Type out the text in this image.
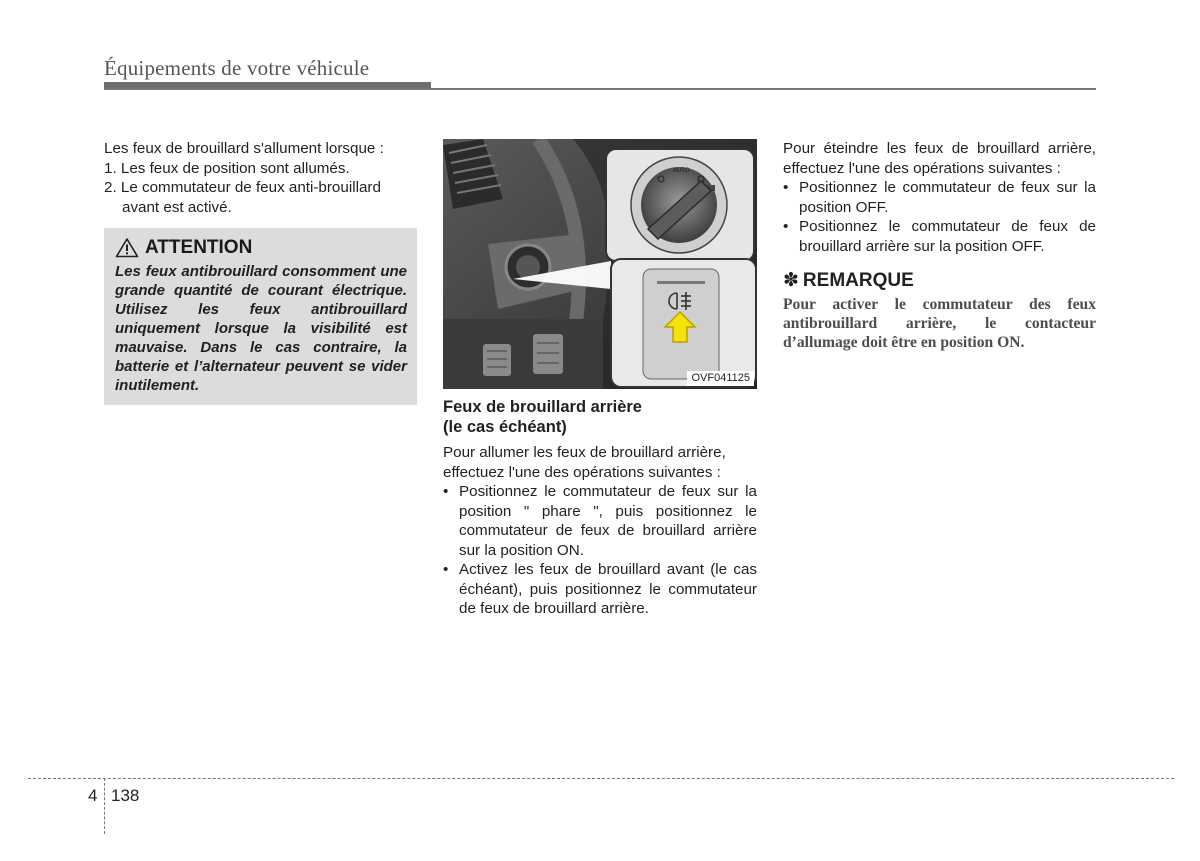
Équipements de votre véhicule

Les feux de brouillard s'allument lorsque :

1. Les feux de position sont allumés.
2. Le commutateur de feux anti-brouillard avant est activé.
ATTENTION

Les feux antibrouillard consomment une grande quantité de courant électrique. Utilisez les feux antibrouillard uniquement lorsque la visibilité est mauvaise. Dans le cas contraire, la batterie et l’alternateur peuvent se vider inutilement.

AUTO
OVF041125
Feux de brouillard arrière
(le cas échéant)

Pour allumer les feux de brouillard arrière, effectuez l'une des opérations suivantes :

• Positionnez le commutateur de feux sur la position " phare ", puis positionnez le commutateur de feux de brouillard arrière sur la position ON.
• Activez les feux de brouillard avant (le cas échéant), puis positionnez le commutateur de feux de brouillard arrière.

Pour éteindre les feux de brouillard arrière, effectuez l'une des opérations suivantes :

• Positionnez le commutateur de feux sur la position OFF.
• Positionnez le commutateur de feux de brouillard arrière sur la position OFF.
✽ REMARQUE

Pour activer le commutateur des feux antibrouillard arrière, le contacteur d’allumage doit être en position ON.

4 138
